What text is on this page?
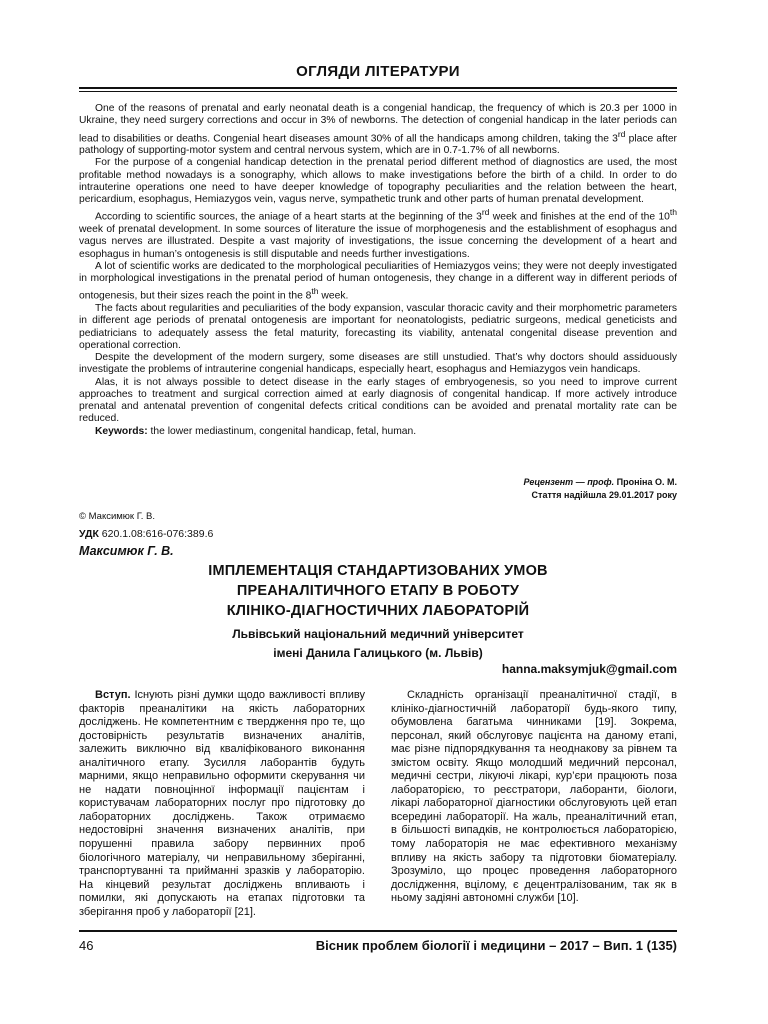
ОГЛЯДИ ЛІТЕРАТУРИ

One of the reasons of prenatal and early neonatal death is a congenial handicap, the frequency of which is 20.3 per 1000 in Ukraine, they need surgery corrections and occur in 3% of newborns. The detection of congenial handicap in the later periods can lead to disabilities or deaths. Congenial heart diseases amount 30% of all the handicaps among children, taking the 3rd place after pathology of supporting-motor system and central nervous system, which are in 0.7-1.7% of all newborns.

For the purpose of a congenial handicap detection in the prenatal period different method of diagnostics are used, the most profitable method nowadays is a sonography, which allows to make investigations before the birth of a child. In order to do intrauterine operations one need to have deeper knowledge of topography peculiarities and the relation between the heart, pericardium, esophagus, Hemiazygos vein, vagus nerve, sympathetic trunk and other parts of human prenatal development.

According to scientific sources, the aniage of a heart starts at the beginning of the 3rd week and finishes at the end of the 10th week of prenatal development. In some sources of literature the issue of morphogenesis and the establishment of esophagus and vagus nerves are illustrated. Despite a vast majority of investigations, the issue concerning the development of a heart and esophagus in human’s ontogenesis is still disputable and needs further investigations.

A lot of scientific works are dedicated to the morphological peculiarities of Hemiazygos veins; they were not deeply investigated in morphological investigations in the prenatal period of human ontogenesis, they change in a different way in different periods of ontogenesis, but their sizes reach the point in the 8th week.

The facts about regularities and peculiarities of the body expansion, vascular thoracic cavity and their morphometric parameters in different age periods of prenatal ontogenesis are important for neonatologists, pediatric surgeons, medical geneticists and pediatricians to adequately assess the fetal maturity, forecasting its viability, antenatal congenital disease prevention and operational correction.

Despite the development of the modern surgery, some diseases are still unstudied. That’s why doctors should assiduously investigate the problems of intrauterine congenial handicaps, especially heart, esophagus and Hemiazygos vein handicaps.

Alas, it is not always possible to detect disease in the early stages of embryogenesis, so you need to improve current approaches to treatment and surgical correction aimed at early diagnosis of congenital handicap. If more actively introduce prenatal and antenatal prevention of congenital defects critical conditions can be avoided and prenatal mortality rate can be reduced.

Keywords: the lower mediastinum, congenital handicap, fetal, human.

Рецензент — проф. Проніна О. М.
Стаття надійшла 29.01.2017 року
© Максимюк Г. В.
УДК 620.1.08:616-076:389.6
Максимюк Г. В.
ІМПЛЕМЕНТАЦІЯ СТАНДАРТИЗОВАНИХ УМОВ
ПРЕАНАЛІТИЧНОГО ЕТАПУ В РОБОТУ
КЛІНІКО-ДІАГНОСТИЧНИХ ЛАБОРАТОРІЙ
Львівський національний медичний університет
імені Данила Галицького (м. Львів)
hanna.maksymjuk@gmail.com

Вступ. Існують різні думки щодо важливості впливу факторів преаналітики на якість лабораторних досліджень. Не компетентним є твердження про те, що достовірність результатів визначених аналітів, залежить виключно від кваліфікованого виконання аналітичного етапу. Зусилля лаборантів будуть марними, якщо неправильно оформити скерування чи не надати повноцінної інформації пацієнтам і користувачам лабораторних послуг про підготовку до лабораторних досліджень. Також отримаємо недостовірні значення визначених аналітів, при порушенні правила забору первинних проб біологічного матеріалу, чи неправильному зберіганні, транспортуванні та прийманні зразків у лабораторію. На кінцевий результат досліджень впливають і помилки, які допускають на етапах підготовки та зберігання проб у лабораторії [21].

Складність організації преаналітичної стадії, в клініко-діагностичній лабораторії будь-якого типу, обумовлена багатьма чинниками [19]. Зокрема, персонал, який обслуговує пацієнта на даному етапі, має різне підпорядкування та неоднакову за рівнем та змістом освіту. Якщо молодший медичний персонал, медичні сестри, лікуючі лікарі, кур’єри працюють поза лабораторією, то реєстратори, лаборанти, біологи, лікарі лабораторної діагностики обслуговують цей етап всередині лабораторії. На жаль, преаналітичний етап, в більшості випадків, не контролюється лабораторією, тому лабораторія не має ефективного механізму впливу на якість забору та підготовки біоматеріалу. Зрозуміло, що процес проведення лабораторного дослідження, вцілому, є децентралізованим, так як в ньому задіяні автономні служби [10].

46	Вісник проблем біології і медицини – 2017 – Вип. 1 (135)
